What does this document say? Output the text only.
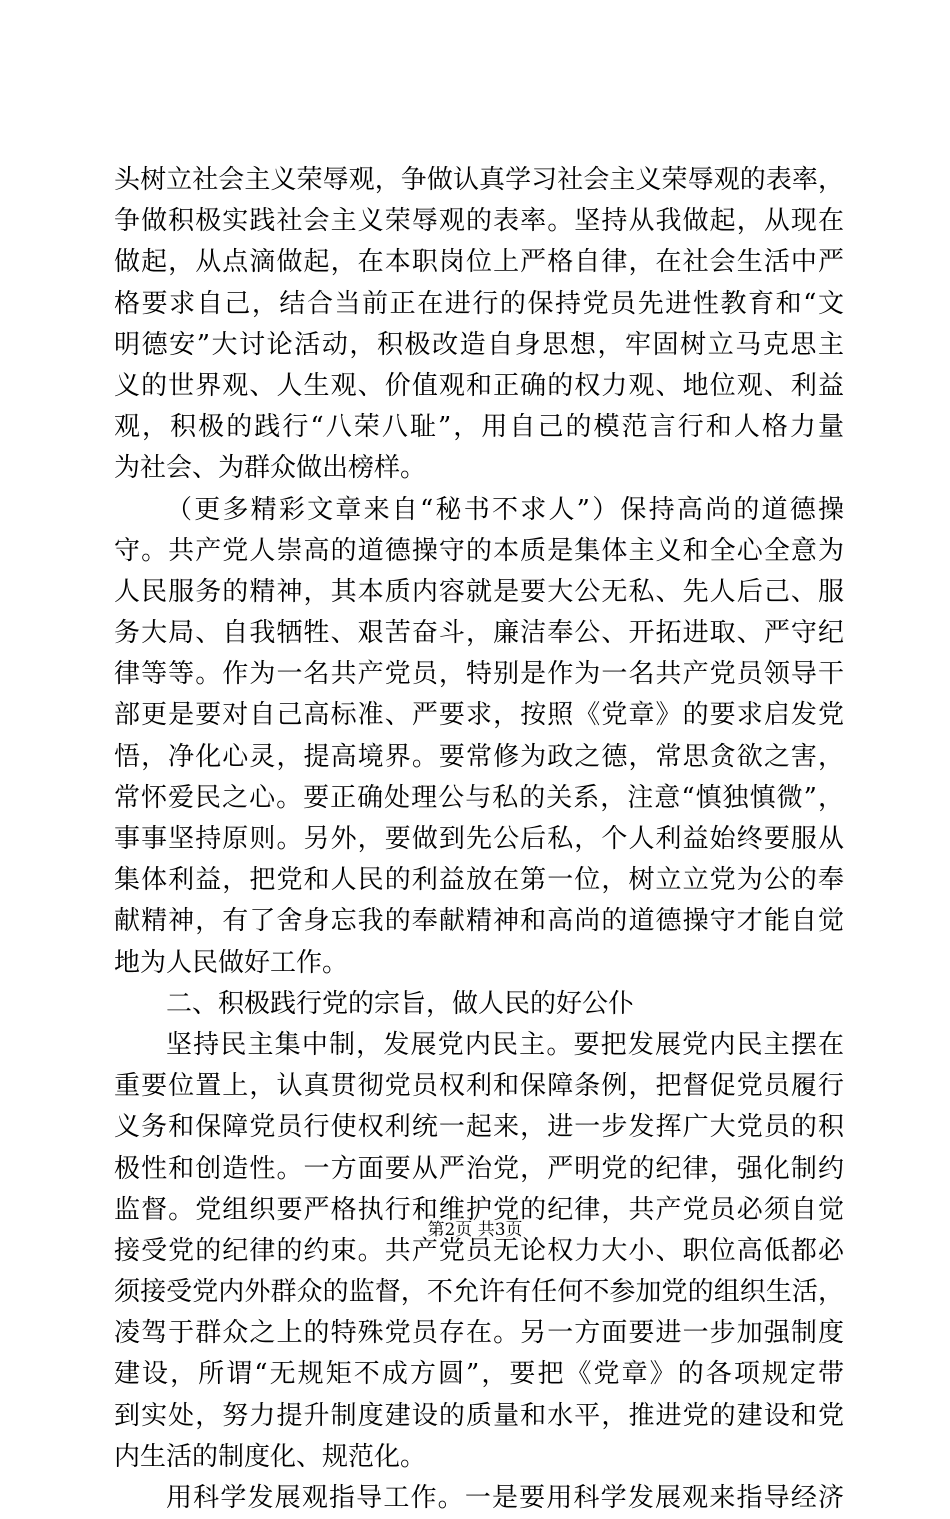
头树立社会主义荣辱观，争做认真学习社会主义荣辱观的表率，
争做积极实践社会主义荣辱观的表率。坚持从我做起，从现在
做起，从点滴做起，在本职岗位上严格自律，在社会生活中严
格要求自己，结合当前正在进行的保持党员先进性教育和“文
明德安”大讨论活动，积极改造自身思想，牢固树立马克思主
义的世界观、人生观、价值观和正确的权力观、地位观、利益
观，积极的践行“八荣八耻”，用自己的模范言行和人格力量
为社会、为群众做出榜样。
（更多精彩文章来自“秘书不求人”）保持高尚的道德操
守。共产党人崇高的道德操守的本质是集体主义和全心全意为
人民服务的精神，其本质内容就是要大公无私、先人后己、服
务大局、自我牺牲、艰苦奋斗，廉洁奉公、开拓进取、严守纪
律等等。作为一名共产党员，特别是作为一名共产党员领导干
部更是要对自己高标准、严要求，按照《党章》的要求启发党
悟，净化心灵，提高境界。要常修为政之德，常思贪欲之害，
常怀爱民之心。要正确处理公与私的关系，注意“慎独慎微”，
事事坚持原则。另外，要做到先公后私，个人利益始终要服从
集体利益，把党和人民的利益放在第一位，树立立党为公的奉
献精神，有了舍身忘我的奉献精神和高尚的道德操守才能自觉
地为人民做好工作。
二、积极践行党的宗旨，做人民的好公仆
坚持民主集中制，发展党内民主。要把发展党内民主摆在
重要位置上，认真贯彻党员权利和保障条例，把督促党员履行
义务和保障党员行使权利统一起来，进一步发挥广大党员的积
极性和创造性。一方面要从严治党，严明党的纪律，强化制约
监督。党组织要严格执行和维护党的纪律，共产党员必须自觉
接受党的纪律的约束。共产党员无论权力大小、职位高低都必
须接受党内外群众的监督，不允许有任何不参加党的组织生活，
凌驾于群众之上的特殊党员存在。另一方面要进一步加强制度
建设，所谓“无规矩不成方圆”，要把《党章》的各项规定带
到实处，努力提升制度建设的质量和水平，推进党的建设和党
内生活的制度化、规范化。
用科学发展观指导工作。一是要用科学发展观来指导经济
第2页 共3页
